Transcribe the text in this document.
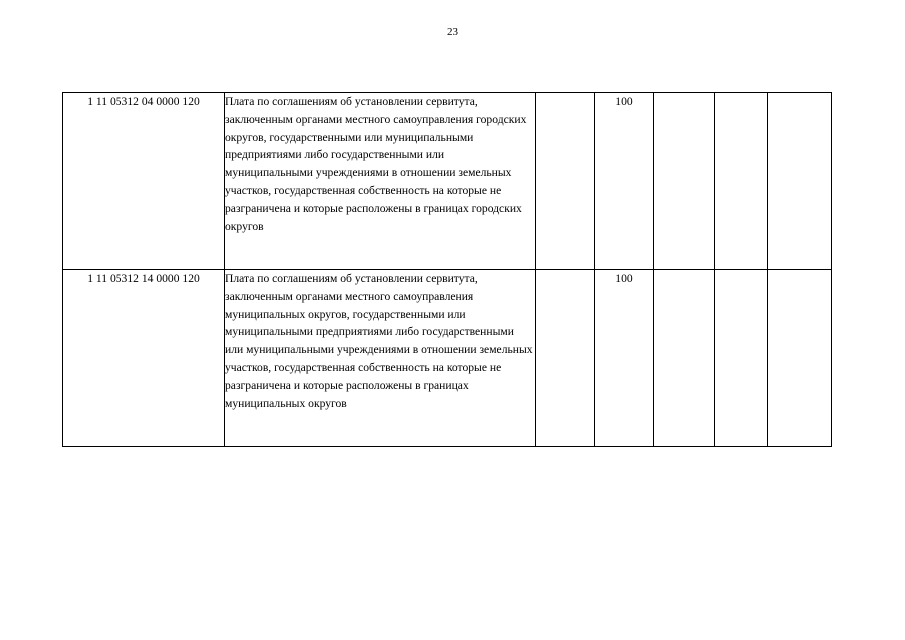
23
1 11 05312 04 0000 120	Плата по соглашениям об установлении сервитута, заключенным органами местного самоуправления городских округов, государственными или муниципальными предприятиями либо государственными или муниципальными учреждениями в отношении земельных участков, государственная собственность на которые не разграничена и которые расположены в границах городских округов		100			
1 11 05312 14 0000 120	Плата по соглашениям об установлении сервитута, заключенным органами местного самоуправления муниципальных округов, государственными или муниципальными предприятиями либо государственными или муниципальными учреждениями в отношении земельных участков, государственная собственность на которые не разграничена и которые расположены в границах муниципальных округов		100			
